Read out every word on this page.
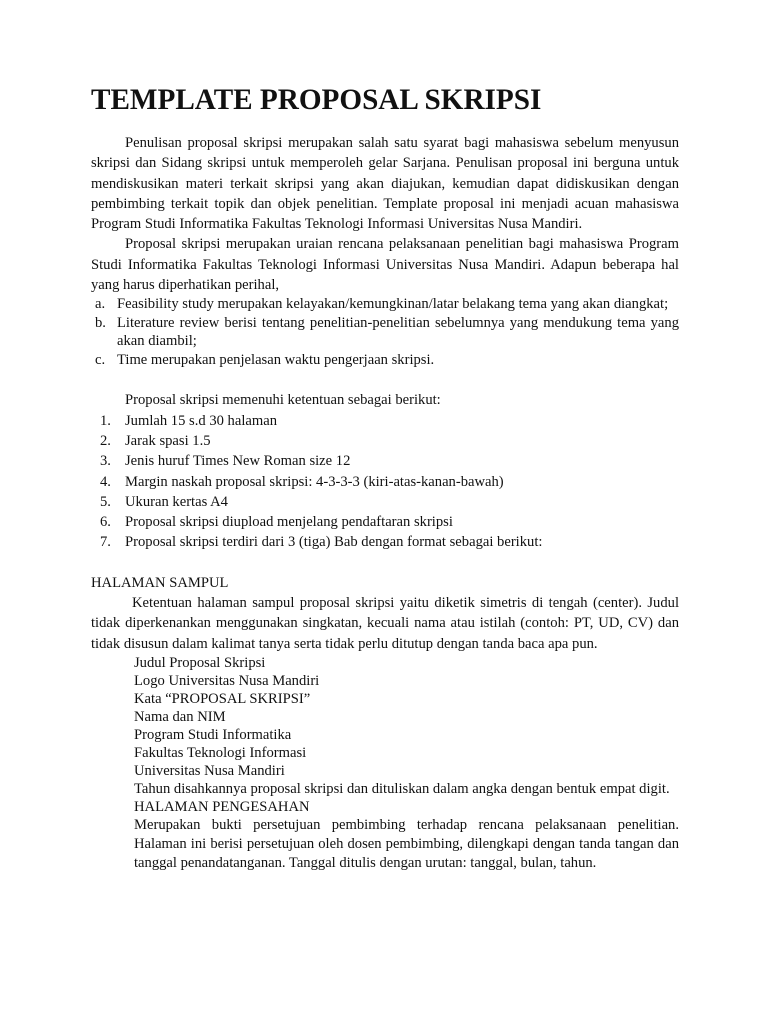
TEMPLATE PROPOSAL SKRIPSI

Penulisan proposal skripsi merupakan salah satu syarat bagi mahasiswa sebelum menyusun skripsi dan Sidang skripsi untuk memperoleh gelar Sarjana. Penulisan proposal ini berguna untuk mendiskusikan materi terkait skripsi yang akan diajukan, kemudian dapat didiskusikan dengan pembimbing terkait topik dan objek penelitian. Template proposal ini menjadi acuan mahasiswa Program Studi Informatika Fakultas Teknologi Informasi Universitas Nusa Mandiri.

Proposal skripsi merupakan uraian rencana pelaksanaan penelitian bagi mahasiswa Program Studi Informatika Fakultas Teknologi Informasi Universitas Nusa Mandiri. Adapun beberapa hal yang harus diperhatikan perihal,

a. Feasibility study merupakan kelayakan/kemungkinan/latar belakang tema yang akan diangkat;
b. Literature review berisi tentang penelitian-penelitian sebelumnya yang mendukung tema yang akan diambil;
c. Time merupakan penjelasan waktu pengerjaan skripsi.

Proposal skripsi memenuhi ketentuan sebagai berikut:

1. Jumlah 15 s.d 30 halaman
2. Jarak spasi 1.5
3. Jenis huruf Times New Roman size 12
4. Margin naskah proposal skripsi: 4-3-3-3 (kiri-atas-kanan-bawah)
5. Ukuran kertas A4
6. Proposal skripsi diupload menjelang pendaftaran skripsi
7. Proposal skripsi terdiri dari 3 (tiga) Bab dengan format sebagai berikut:
HALAMAN SAMPUL

Ketentuan halaman sampul proposal skripsi yaitu diketik simetris di tengah (center). Judul tidak diperkenankan menggunakan singkatan, kecuali nama atau istilah (contoh: PT, UD, CV) dan tidak disusun dalam kalimat tanya serta tidak perlu ditutup dengan tanda baca apa pun.

Judul Proposal Skripsi
Logo Universitas Nusa Mandiri
Kata “PROPOSAL SKRIPSI”
Nama dan NIM
Program Studi Informatika
Fakultas Teknologi Informasi
Universitas Nusa Mandiri
Tahun disahkannya proposal skripsi dan dituliskan dalam angka dengan bentuk empat digit.
HALAMAN PENGESAHAN
Merupakan bukti persetujuan pembimbing terhadap rencana pelaksanaan penelitian. Halaman ini berisi persetujuan oleh dosen pembimbing, dilengkapi dengan tanda tangan dan tanggal penandatanganan. Tanggal ditulis dengan urutan: tanggal, bulan, tahun.
